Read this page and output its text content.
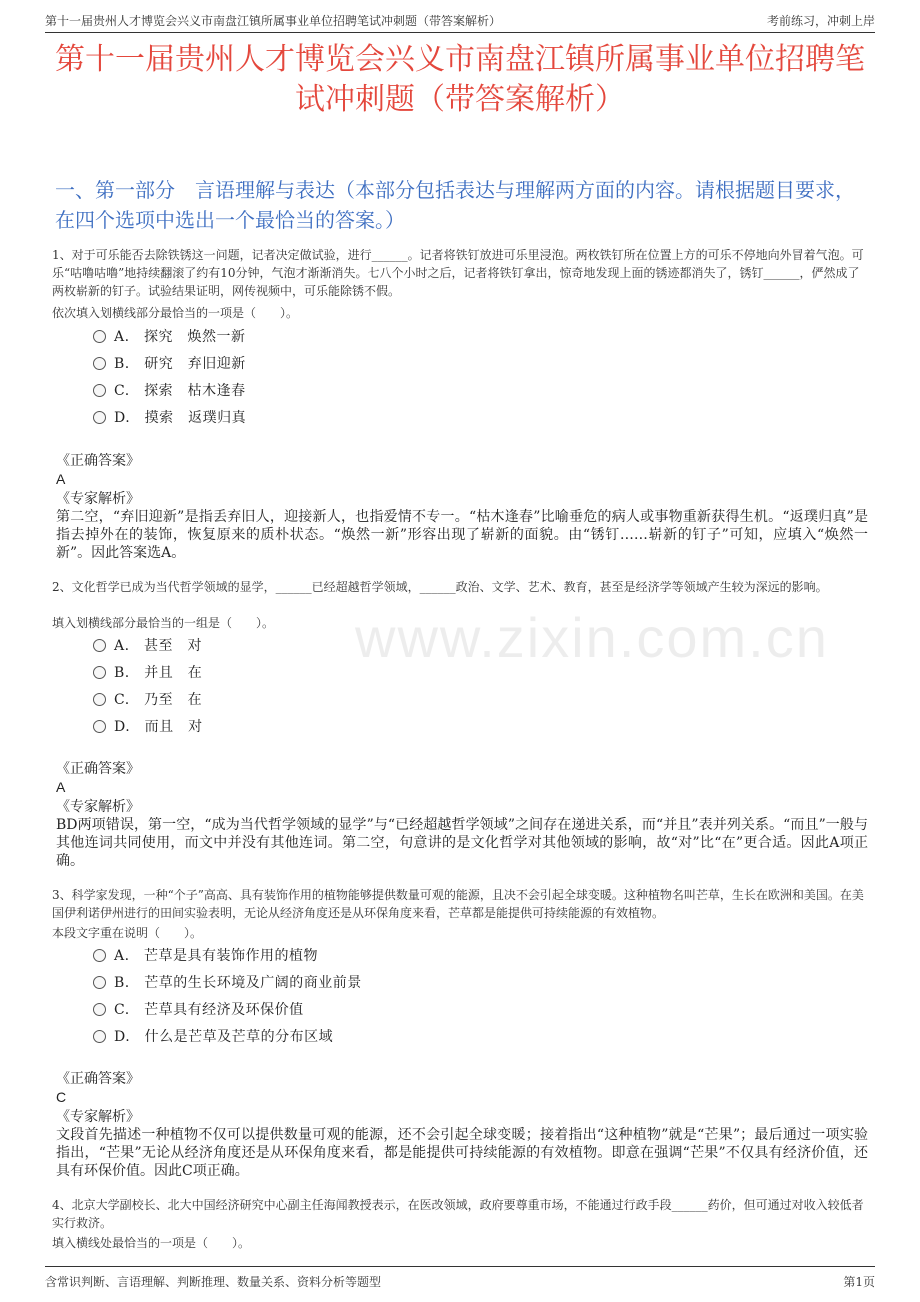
第十一届贵州人才博览会兴义市南盘江镇所属事业单位招聘笔试冲刺题（带答案解析）	考前练习，冲刺上岸
第十一届贵州人才博览会兴义市南盘江镇所属事业单位招聘笔试冲刺题（带答案解析）
一、第一部分　言语理解与表达（本部分包括表达与理解两方面的内容。请根据题目要求，在四个选项中选出一个最恰当的答案。）
www.zixin.com.cn
1、对于可乐能否去除铁锈这一问题，记者决定做试验，进行______。记者将铁钉放进可乐里浸泡。两枚铁钉所在位置上方的可乐不停地向外冒着气泡。可乐“咕噜咕噜”地持续翻滚了约有10分钟，气泡才渐渐消失。七八个小时之后，记者将铁钉拿出，惊奇地发现上面的锈迹都消失了，锈钉______，俨然成了两枚崭新的钉子。试验结果证明，网传视频中，可乐能除锈不假。
依次填入划横线部分最恰当的一项是（　　）。
A.　探究　焕然一新
B.　研究　弃旧迎新
C.　探索　枯木逢春
D.　摸索　返璞归真
《正确答案》
A
《专家解析》
第二空，“弃旧迎新”是指丢弃旧人，迎接新人，也指爱情不专一。“枯木逢春”比喻垂危的病人或事物重新获得生机。“返璞归真”是指去掉外在的装饰，恢复原来的质朴状态。“焕然一新”形容出现了崭新的面貌。由“锈钉……崭新的钉子”可知，应填入“焕然一新”。因此答案选A。
2、文化哲学已成为当代哲学领域的显学，______已经超越哲学领域，______政治、文学、艺术、教育，甚至是经济学等领域产生较为深远的影响。
填入划横线部分最恰当的一组是（　　）。
A.　甚至　对
B.　并且　在
C.　乃至　在
D.　而且　对
《正确答案》
A
《专家解析》
BD两项错误，第一空，“成为当代哲学领域的显学”与“已经超越哲学领域”之间存在递进关系，而“并且”表并列关系。“而且”一般与其他连词共同使用，而文中并没有其他连词。第二空，句意讲的是文化哲学对其他领域的影响，故“对”比“在”更合适。因此A项正确。
3、科学家发现，一种“个子”高高、具有装饰作用的植物能够提供数量可观的能源，且决不会引起全球变暖。这种植物名叫芒草，生长在欧洲和美国。在美国伊利诺伊州进行的田间实验表明，无论从经济角度还是从环保角度来看，芒草都是能提供可持续能源的有效植物。
本段文字重在说明（　　）。
A.　芒草是具有装饰作用的植物
B.　芒草的生长环境及广阔的商业前景
C.　芒草具有经济及环保价值
D.　什么是芒草及芒草的分布区域
《正确答案》
C
《专家解析》
文段首先描述一种植物不仅可以提供数量可观的能源，还不会引起全球变暖；接着指出“这种植物”就是“芒果”；最后通过一项实验指出，“芒果”无论从经济角度还是从环保角度来看，都是能提供可持续能源的有效植物。即意在强调“芒果”不仅具有经济价值，还具有环保价值。因此C项正确。
4、北京大学副校长、北大中国经济研究中心副主任海闻教授表示，在医改领域，政府要尊重市场，不能通过行政手段______药价，但可通过对收入较低者实行救济。
填入横线处最恰当的一项是（　　）。
含常识判断、言语理解、判断推理、数量关系、资料分析等题型	第1页
